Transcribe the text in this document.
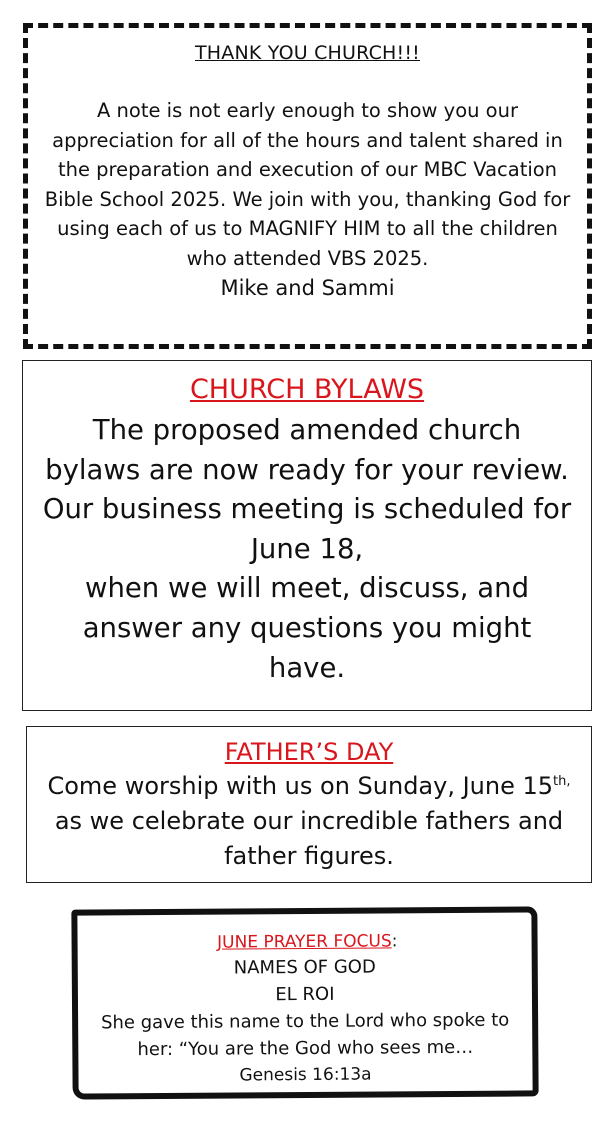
THANK YOU CHURCH!!!
A note is not early enough to show you our appreciation for all of the hours and talent shared in the preparation and execution of our MBC Vacation Bible School 2025. We join with you, thanking God for using each of us to MAGNIFY HIM to all the children who attended VBS 2025.
Mike and Sammi
CHURCH BYLAWS
The proposed amended church bylaws are now ready for your review. Our business meeting is scheduled for June 18,
when we will meet, discuss, and answer any questions you might have.
FATHER’S DAY
Come worship with us on Sunday, June $15^{th,}$ as we celebrate our incredible fathers and father figures.
JUNE PRAYER FOCUS:
NAMES OF GOD
EL ROI
She gave this name to the Lord who spoke to her: “You are the God who sees me…
Genesis 16:13a
